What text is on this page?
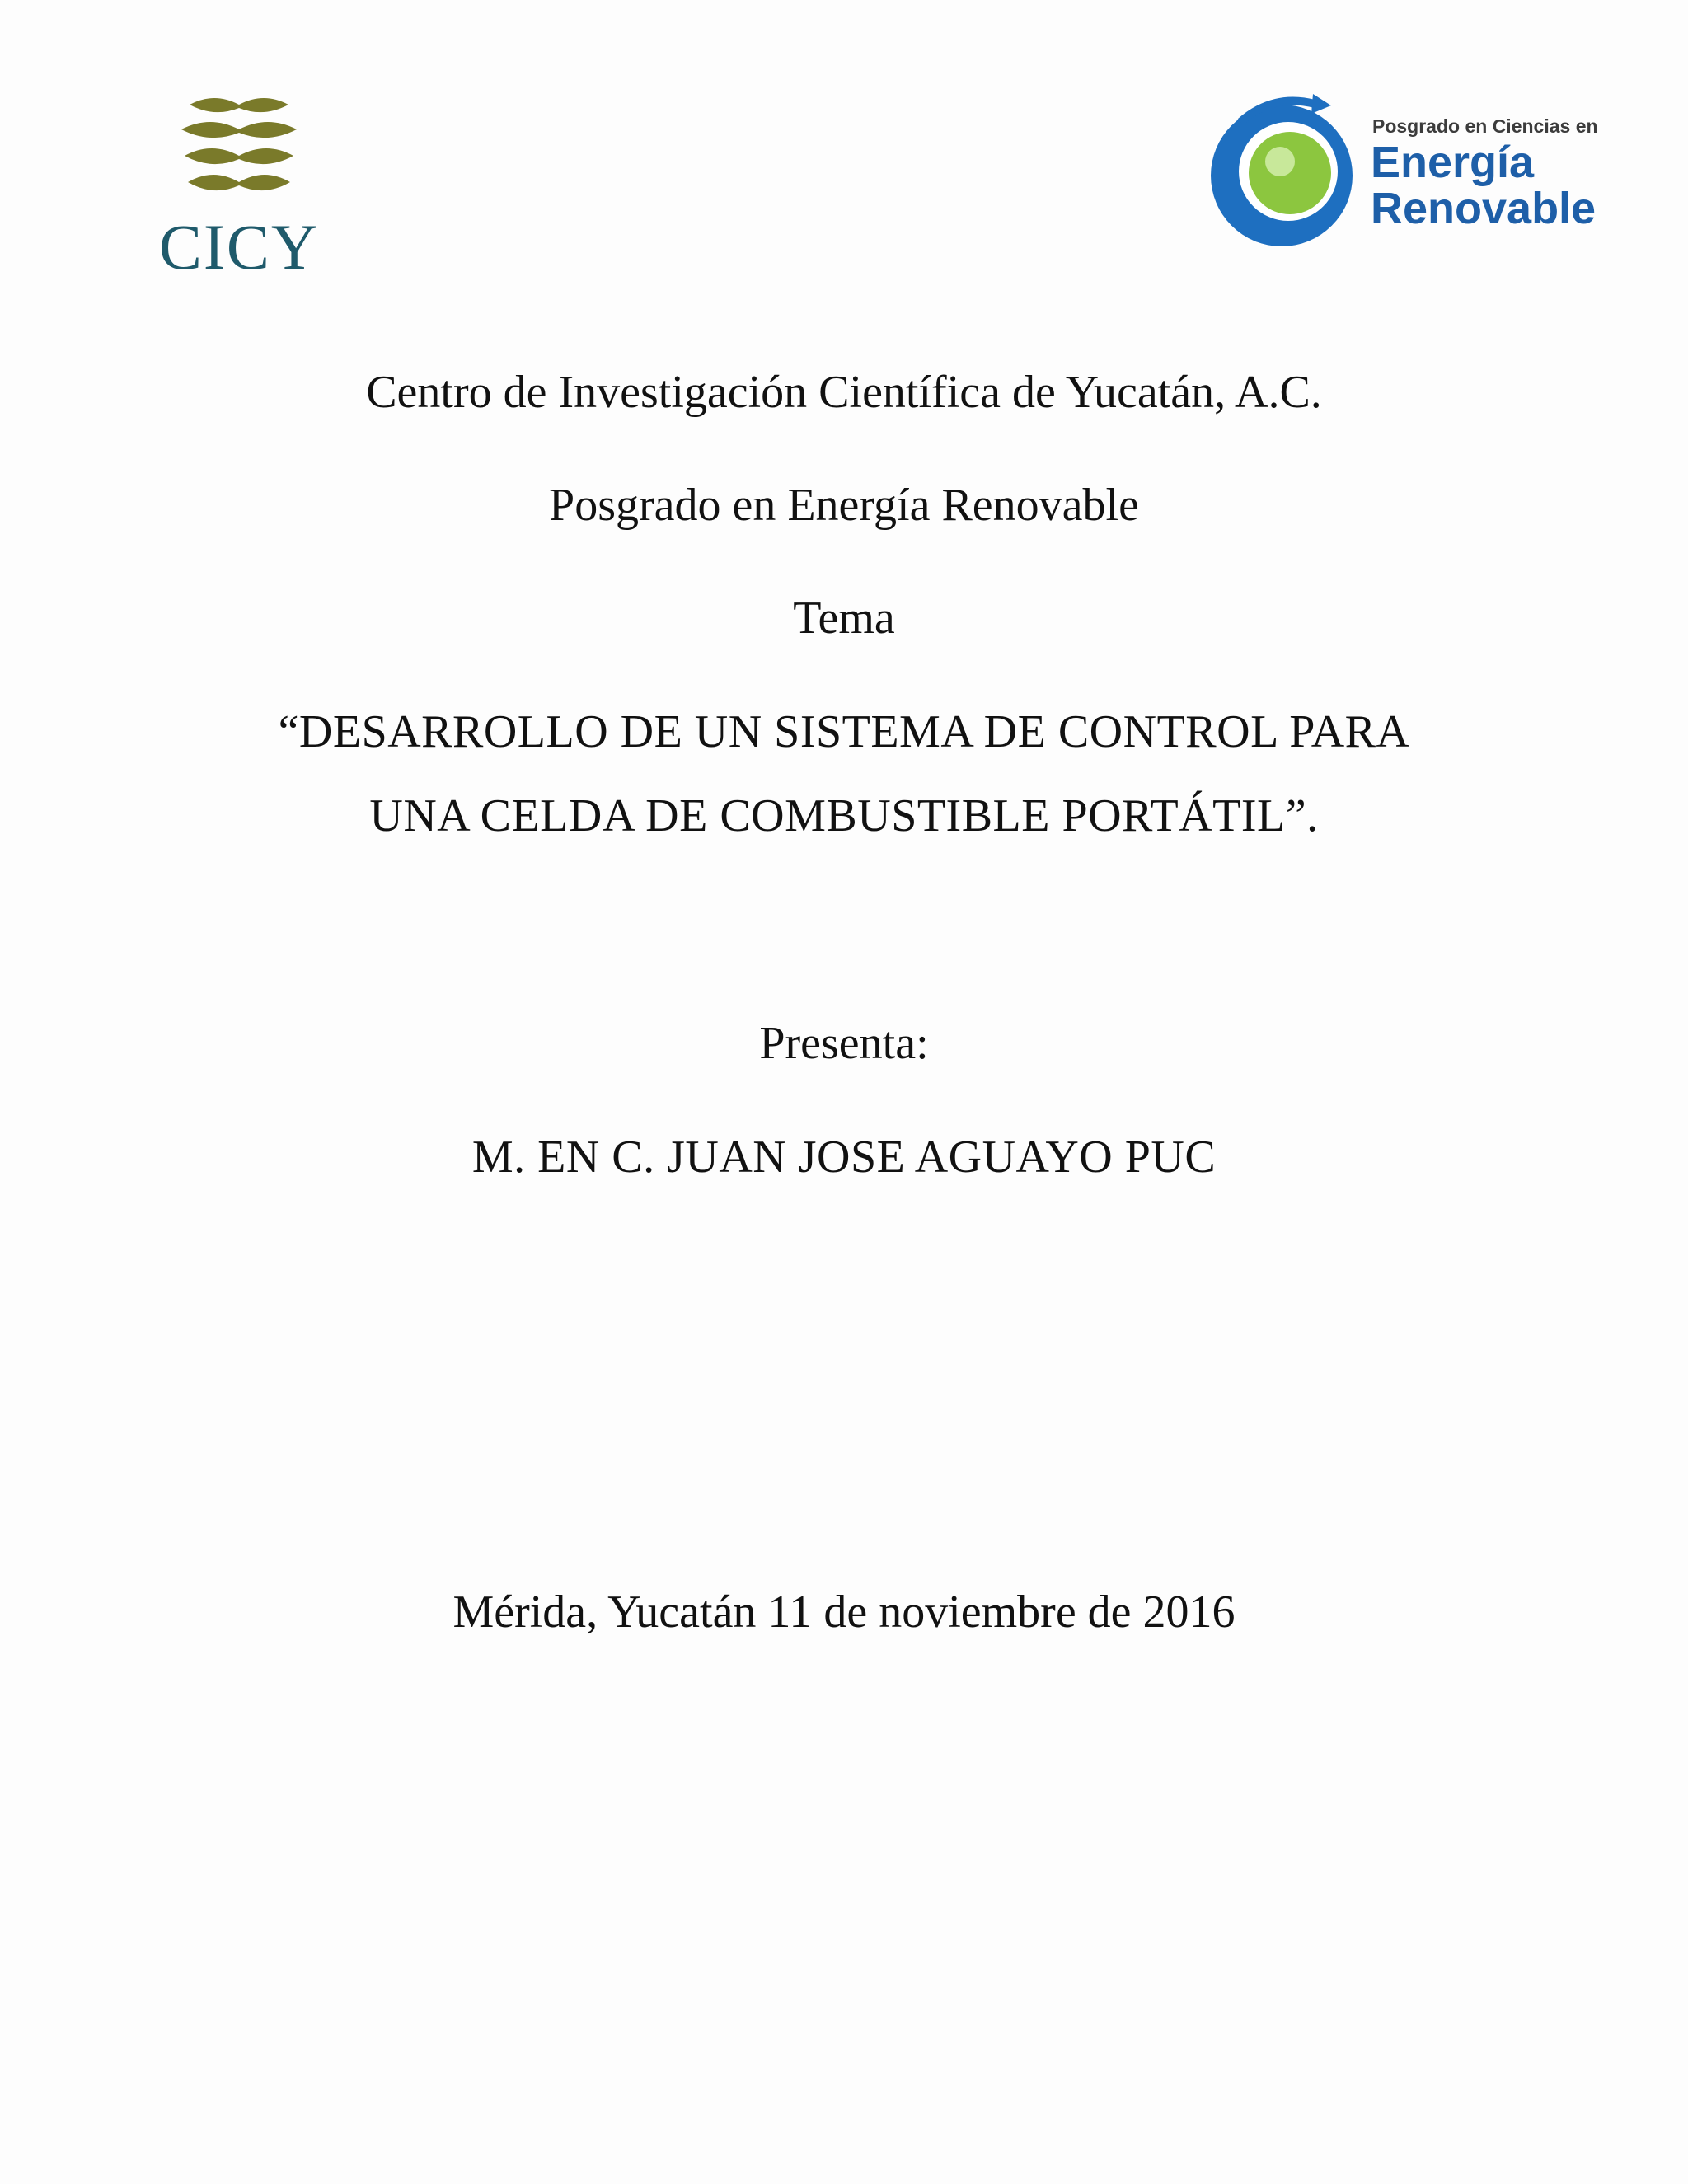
CICY
Posgrado en Ciencias en
Energía
Renovable
Centro de Investigación Científica de Yucatán, A.C.
Posgrado en Energía Renovable
Tema
“DESARROLLO DE UN SISTEMA DE CONTROL PARA
UNA CELDA DE COMBUSTIBLE PORTÁTIL”.
Presenta:
M. EN C. JUAN JOSE AGUAYO PUC
Mérida, Yucatán 11 de noviembre de 2016
